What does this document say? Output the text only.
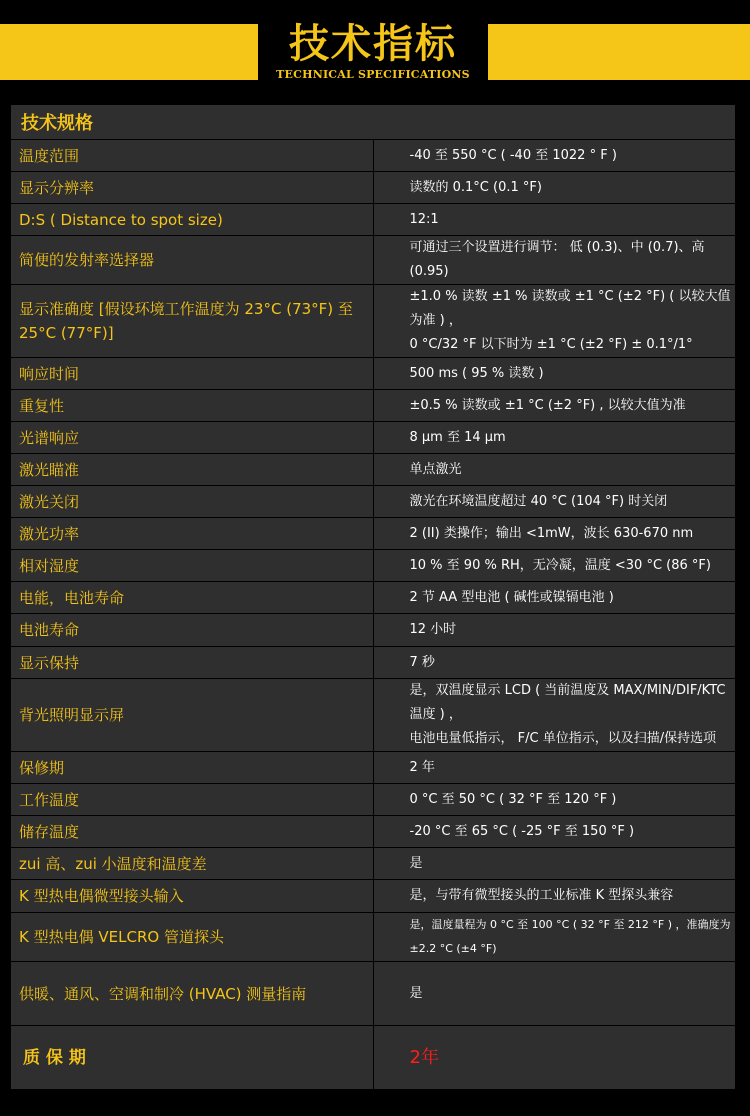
技术指标
TECHNICAL SPECIFICATIONS
技术规格	
温度范围	-40 至 550 °C ( -40 至 1022 ° F )

显示分辨率	读数的 0.1°C (0.1 °F)

D:S ( Distance to spot size)	12:1

简便的发射率选择器	可通过三个设置进行调节： 低 (0.3)、中 (0.7)、高 (0.95)

显示准确度 [假设环境工作温度为 23°C (73°F) 至 25°C (77°F)]	±1.0 % 读数 ±1 % 读数或 ±1 °C (±2 °F) ( 以较大值为准 ) ，
0 °C/32 °F 以下时为 ±1 °C (±2 °F) ± 0.1°/1°

响应时间	500 ms ( 95 % 读数 )

重复性	±0.5 % 读数或 ±1 °C (±2 °F) , 以较大值为准

光谱响应	8 μm 至 14 μm

激光瞄准	单点激光

激光关闭	激光在环境温度超过 40 °C (104 °F) 时关闭

激光功率	2 (II) 类操作；输出 <1mW，波长 630-670 nm

相对湿度	10 % 至 90 % RH，无冷凝，温度 <30 °C (86 °F)

电能，电池寿命	2 节 AA 型电池 ( 碱性或镍镉电池 )

电池寿命	12 小时

显示保持	7 秒

背光照明显示屏	是，双温度显示 LCD ( 当前温度及 MAX/MIN/DIF/KTC 温度 ) ，
电池电量低指示， F/C 单位指示，以及扫描/保持选项

保修期	2 年

工作温度	0 °C 至 50 °C ( 32 °F 至 120 °F )

储存温度	-20 °C 至 65 °C ( -25 °F 至 150 °F )

zui 高、zui 小温度和温度差	是

K 型热电偶微型接头输入	是，与带有微型接头的工业标准 K 型探头兼容

K 型热电偶 VELCRO 管道探头	是，温度量程为 0 °C 至 100 °C ( 32 °F 至 212 °F ) ，准确度为 ±2.2 °C (±4 °F)

供暖、通风、空调和制冷 (HVAC) 测量指南	是

质 保 期	2年
